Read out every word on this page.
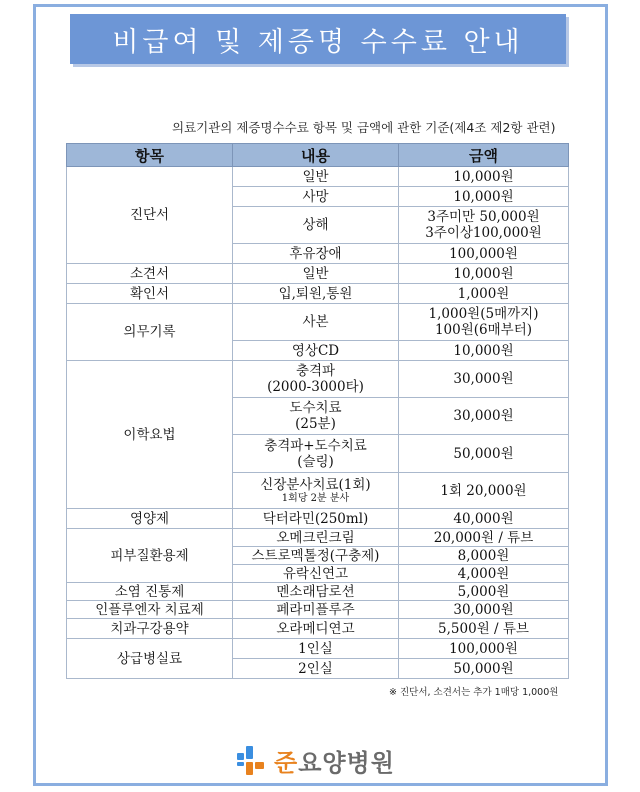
비급여 및 제증명 수수료 안내
의료기관의 제증명수수료 항목 및 금액에 관한 기준(제4조 제2항 관련)
항목	내용	금액
진단서	일반	10,000원
	사망	10,000원
	상해	3주미만 50,000원
3주이상100,000원

	후유장애	100,000원
소견서	일반	10,000원
확인서	입,퇴원,통원	1,000원
의무기록	사본	1,000원(5매까지)
100원(6매부터)

	영상CD	10,000원
이학요법	충격파
(2000-3000타)	30,000원

	도수치료
(25분)	30,000원

	충격파+도수치료
(슬링)	50,000원

	신장분사치료(1회)
1회당 2분 분사	1회 20,000원
영양제	닥터라민(250ml)	40,000원
피부질환용제	오메크린크림	20,000원 / 튜브
	스트로멕톨정(구충제)	8,000원
	유락신연고	4,000원
소염 진통제	멘소래담로션	5,000원
인플루엔자 치료제	페라미플루주	30,000원
치과구강용약	오라메디연고	5,500원 / 튜브
상급병실료	1인실	100,000원
	2인실	50,000원
※ 진단서, 소견서는 추가 1매당 1,000원
준요양병원
